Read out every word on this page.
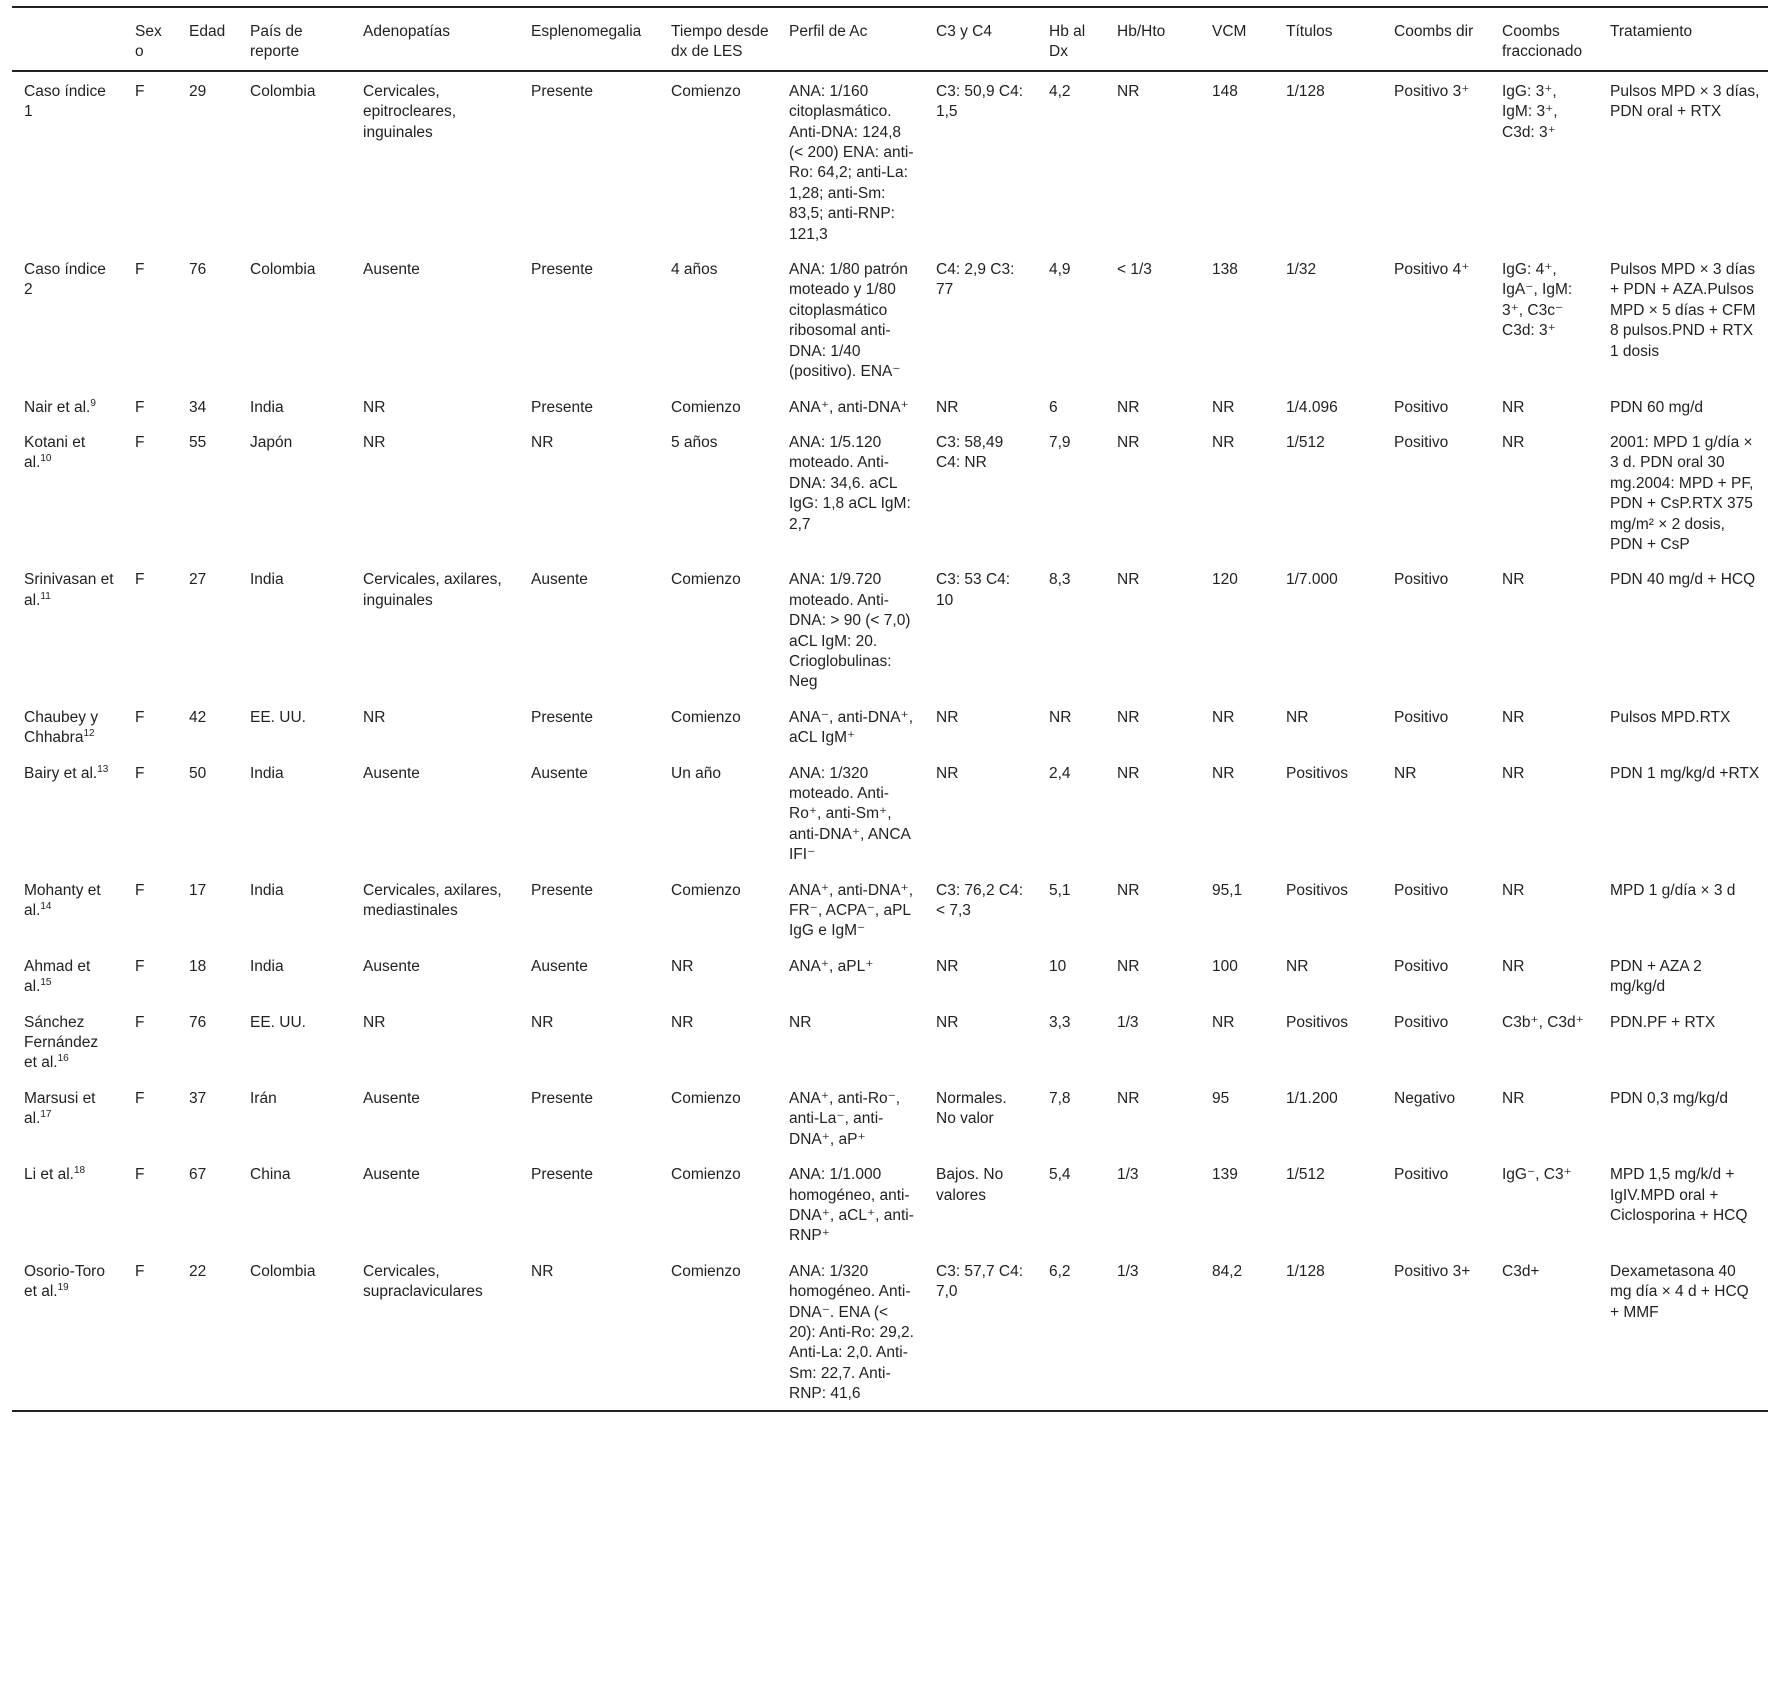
	Sexo	Edad	País de reporte	Adenopatías	Esplenomegalia	Tiempo desde dx de LES	Perfil de Ac	C3 y C4	Hb al Dx	Hb/Hto	VCM	Títulos	Coombs dir	Coombs fraccionado	Tratamiento
Caso índice 1	F	29	Colombia	Cervicales, epitrocleares, inguinales	Presente	Comienzo	ANA: 1/160 citoplasmático. Anti-DNA: 124,8 (< 200) ENA: anti-Ro: 64,2; anti-La: 1,28; anti-Sm: 83,5; anti-RNP: 121,3	C3: 50,9 C4: 1,5	4,2	NR	148	1/128	Positivo 3⁺	IgG: 3⁺, IgM: 3⁺, C3d: 3⁺	Pulsos MPD × 3 días, PDN oral + RTX
Caso índice 2	F	76	Colombia	Ausente	Presente	4 años	ANA: 1/80 patrón moteado y 1/80 citoplasmático ribosomal anti-DNA: 1/40 (positivo). ENA⁻	C4: 2,9 C3: 77	4,9	< 1/3	138	1/32	Positivo 4⁺	IgG: 4⁺, IgA⁻, IgM: 3⁺, C3c⁻ C3d: 3⁺	Pulsos MPD × 3 días + PDN + AZA.Pulsos MPD × 5 días + CFM 8 pulsos.PND + RTX 1 dosis
Nair et al.$^9$	F	34	India	NR	Presente	Comienzo	ANA⁺, anti-DNA⁺	NR	6	NR	NR	1/4.096	Positivo	NR	PDN 60 mg/d
Kotani et al.$^{10}$	F	55	Japón	NR	NR	5 años	ANA: 1/5.120 moteado. Anti-DNA: 34,6. aCL IgG: 1,8 aCL IgM: 2,7	C3: 58,49 C4: NR	7,9	NR	NR	1/512	Positivo	NR	2001: MPD 1 g/día × 3 d. PDN oral 30 mg.2004: MPD + PF, PDN + CsP.RTX 375 mg/m² × 2 dosis, PDN + CsP
Srinivasan et al.$^{11}$	F	27	India	Cervicales, axilares, inguinales	Ausente	Comienzo	ANA: 1/9.720 moteado. Anti-DNA: > 90 (< 7,0) aCL IgM: 20. Crioglobulinas: Neg	C3: 53 C4: 10	8,3	NR	120	1/7.000	Positivo	NR	PDN 40 mg/d + HCQ
Chaubey y Chhabra$^{12}$	F	42	EE. UU.	NR	Presente	Comienzo	ANA⁻, anti-DNA⁺, aCL IgM⁺	NR	NR	NR	NR	NR	Positivo	NR	Pulsos MPD.RTX
Bairy et al.$^{13}$	F	50	India	Ausente	Ausente	Un año	ANA: 1/320 moteado. Anti-Ro⁺, anti-Sm⁺, anti-DNA⁺, ANCA IFI⁻	NR	2,4	NR	NR	Positivos	NR	NR	PDN 1 mg/kg/d +RTX
Mohanty et al.$^{14}$	F	17	India	Cervicales, axilares, mediastinales	Presente	Comienzo	ANA⁺, anti-DNA⁺, FR⁻, ACPA⁻, aPL IgG e IgM⁻	C3: 76,2 C4: < 7,3	5,1	NR	95,1	Positivos	Positivo	NR	MPD 1 g/día × 3 d
Ahmad et al.$^{15}$	F	18	India	Ausente	Ausente	NR	ANA⁺, aPL⁺	NR	10	NR	100	NR	Positivo	NR	PDN + AZA 2 mg/kg/d
Sánchez Fernández et al.$^{16}$	F	76	EE. UU.	NR	NR	NR	NR	NR	3,3	1/3	NR	Positivos	Positivo	C3b⁺, C3d⁺	PDN.PF + RTX
Marsusi et al.$^{17}$	F	37	Irán	Ausente	Presente	Comienzo	ANA⁺, anti-Ro⁻, anti-La⁻, anti-DNA⁺, aP⁺	Normales. No valor	7,8	NR	95	1/1.200	Negativo	NR	PDN 0,3 mg/kg/d
Li et al.$^{18}$	F	67	China	Ausente	Presente	Comienzo	ANA: 1/1.000 homogéneo, anti-DNA⁺, aCL⁺, anti-RNP⁺	Bajos. No valores	5,4	1/3	139	1/512	Positivo	IgG⁻, C3⁺	MPD 1,5 mg/k/d + IgIV.MPD oral + Ciclosporina + HCQ
Osorio-Toro et al.$^{19}$	F	22	Colombia	Cervicales, supraclaviculares	NR	Comienzo	ANA: 1/320 homogéneo. Anti-DNA⁻. ENA (< 20): Anti-Ro: 29,2. Anti-La: 2,0. Anti-Sm: 22,7. Anti-RNP: 41,6	C3: 57,7 C4: 7,0	6,2	1/3	84,2	1/128	Positivo 3+	C3d+	Dexametasona 40 mg día × 4 d + HCQ + MMF
